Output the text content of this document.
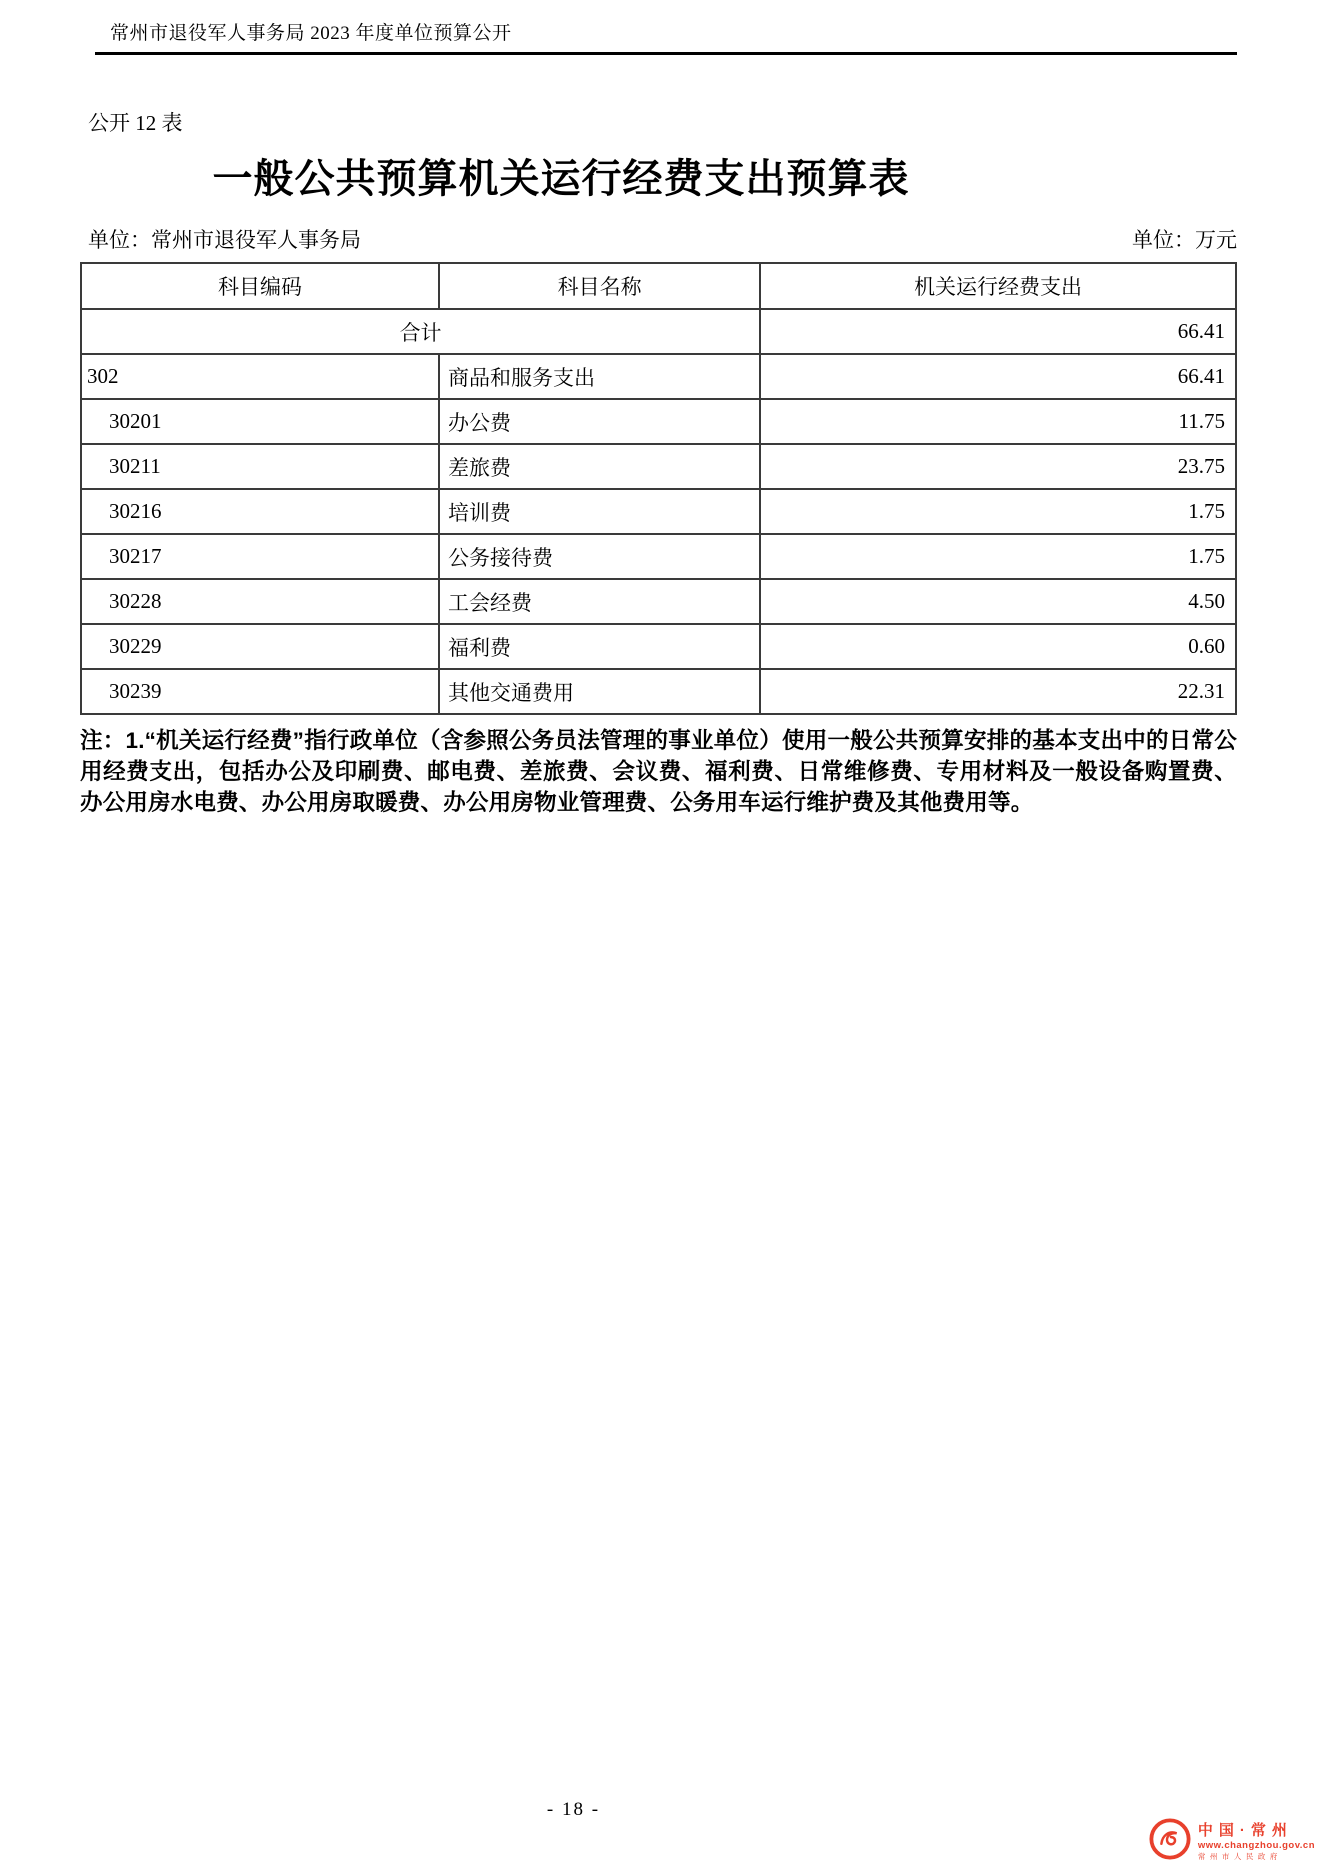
常州市退役军人事务局 2023 年度单位预算公开
公开 12 表
一般公共预算机关运行经费支出预算表
单位：常州市退役军人事务局	单位：万元
科目编码	科目名称	机关运行经费支出
合计		66.41
302	商品和服务支出	66.41
30201	办公费	11.75
30211	差旅费	23.75
30216	培训费	1.75
30217	公务接待费	1.75
30228	工会经费	4.50
30229	福利费	0.60
30239	其他交通费用	22.31
注：1.“机关运行经费”指行政单位（含参照公务员法管理的事业单位）使用一般公共预算安排的基本支出中的日常公用经费支出，包括办公及印刷费、邮电费、差旅费、会议费、福利费、日常维修费、专用材料及一般设备购置费、办公用房水电费、办公用房取暖费、办公用房物业管理费、公务用车运行维护费及其他费用等。
- 18 -
中国·常州
www.changzhou.gov.cn
常州市人民政府
